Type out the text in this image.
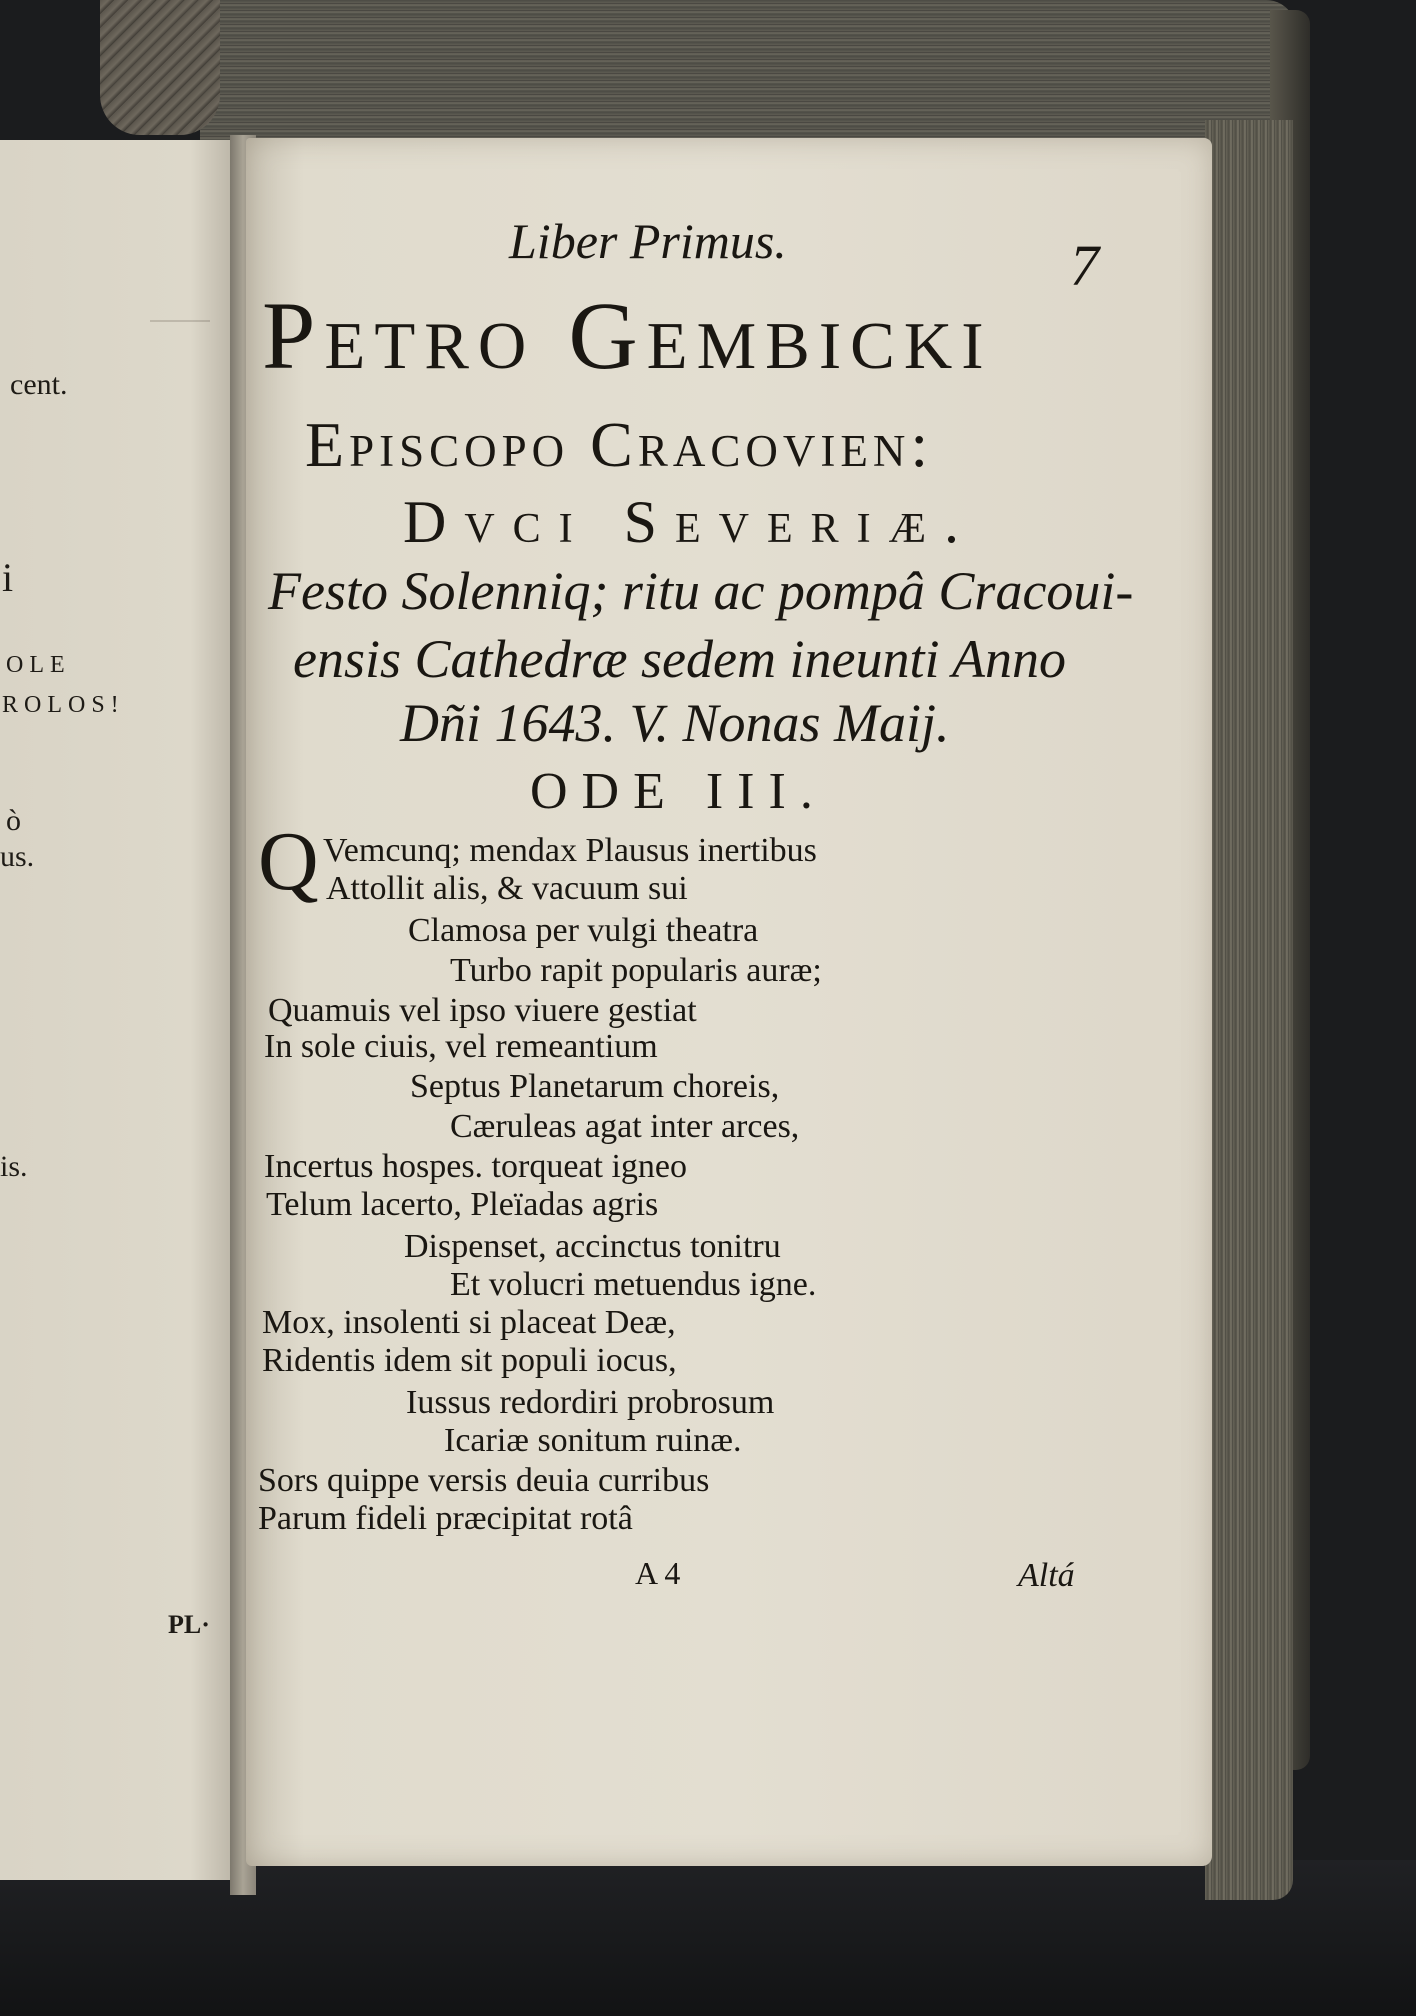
cent.
i
OLE
ROLOS!
ò
us.
is.
PL·
Liber Primus.	7
Petro Gembicki
Episcopo Cracovien:
Dvci Severiæ.
Festo Solenniq; ritu ac pompâ Cracoui-
ensis Cathedræ sedem ineunti Anno
Dñi 1643. V. Nonas Maij.
ODE III.
Q Vemcunq; mendax Plausus inertibus
Attollit alis, & vacuum sui
Clamosa per vulgi theatra
Turbo rapit popularis auræ;
Quamuis vel ipso viuere gestiat
In sole ciuis, vel remeantium
Septus Planetarum choreis,
Cæruleas agat inter arces,
Incertus hospes. torqueat igneo
Telum lacerto, Pleïadas agris
Dispenset, accinctus tonitru
Et volucri metuendus igne.
Mox, insolenti si placeat Deæ,
Ridentis idem sit populi iocus,
Iussus redordiri probrosum
Icariæ sonitum ruinæ.
Sors quippe versis deuia curribus
Parum fideli præcipitat rotâ
A 4	Altá
